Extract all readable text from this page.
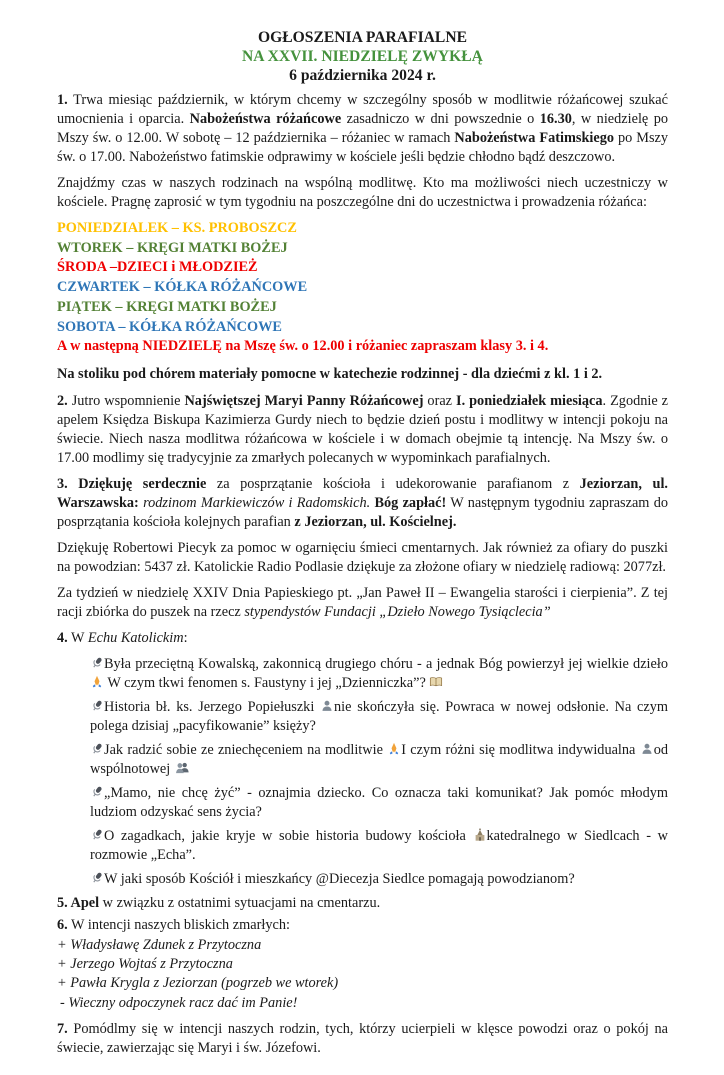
OGŁOSZENIA PARAFIALNE
NA XXVII. NIEDZIELĘ ZWYKŁĄ
6 października 2024 r.

1. Trwa miesiąc październik, w którym chcemy w szczególny sposób w modlitwie różańcowej szukać umocnienia i oparcia. Nabożeństwa różańcowe zasadniczo w dni powszednie o 16.30, w niedzielę po Mszy św. o 12.00. W sobotę – 12 października – różaniec w ramach Nabożeństwa Fatimskiego po Mszy św. o 17.00. Nabożeństwo fatimskie odprawimy w kościele jeśli będzie chłodno bądź deszczowo.

Znajdźmy czas w naszych rodzinach na wspólną modlitwę. Kto ma możliwości niech uczestniczy w kościele. Pragnę zaprosić w tym tygodniu na poszczególne dni do uczestnictwa i prowadzenia różańca:

PONIEDZIALEK – KS. PROBOSZCZ
WTOREK – KRĘGI MATKI BOŻEJ
ŚRODA –DZIECI i MŁODZIEŻ
CZWARTEK – KÓŁKA RÓŻAŃCOWE
PIĄTEK – KRĘGI MATKI BOŻEJ
SOBOTA – KÓŁKA RÓŻAŃCOWE
A w następną NIEDZIELĘ na Mszę św. o 12.00 i różaniec zapraszam klasy 3. i 4.
Na stoliku pod chórem materiały pomocne w katechezie rodzinnej - dla dziećmi z kl. 1 i 2.

2. Jutro wspomnienie Najświętszej Maryi Panny Różańcowej oraz I. poniedziałek miesiąca. Zgodnie z apelem Księdza Biskupa Kazimierza Gurdy niech to będzie dzień postu i modlitwy w intencji pokoju na świecie. Niech nasza modlitwa różańcowa w kościele i w domach obejmie tą intencję. Na Mszy św. o 17.00 modlimy się tradycyjnie za zmarłych polecanych w wypominkach parafialnych.

3. Dziękuję serdecznie za posprzątanie kościoła i udekorowanie parafianom z Jeziorzan, ul. Warszawska: rodzinom Markiewiczów i Radomskich. Bóg zapłać! W następnym tygodniu zapraszam do posprzątania kościoła kolejnych parafian z Jeziorzan, ul. Kościelnej.

Dziękuję Robertowi Piecyk za pomoc w ogarnięciu śmieci cmentarnych. Jak również za ofiary do puszki na powodzian: 5437 zł. Katolickie Radio Podlasie dziękuje za złożone ofiary w niedzielę radiową: 2077zł.

Za tydzień w niedzielę XXIV Dnia Papieskiego pt. „Jan Paweł II – Ewangelia starości i cierpienia”. Z tej racji zbiórka do puszek na rzecz stypendystów Fundacji „Dzieło Nowego Tysiąclecia”

4. W Echu Katolickim:

Była przeciętną Kowalską, zakonnicą drugiego chóru - a jednak Bóg powierzył jej wielkie dzieło  W czym tkwi fenomen s. Faustyny i jej „Dzienniczka”?

Historia bł. ks. Jerzego Popiełuszki nie skończyła się. Powraca w nowej odsłonie. Na czym polega dzisiaj „pacyfikowanie” księży?

Jak radzić sobie ze zniechęceniem na modlitwie I czym różni się modlitwa indywidualna od wspólnotowej

„Mamo, nie chcę żyć” - oznajmia dziecko. Co oznacza taki komunikat? Jak pomóc młodym ludziom odzyskać sens życia?

O zagadkach, jakie kryje w sobie historia budowy kościoła katedralnego w Siedlcach - w rozmowie „Echa”.

W jaki sposób Kościół i mieszkańcy @Diecezja Siedlce pomagają powodzianom?

5. Apel w związku z ostatnimi sytuacjami na cmentarzu.

6. W intencji naszych bliskich zmarłych:

+ Władysławę Zdunek z Przytoczna
+ Jerzego Wojtaś z Przytoczna
+ Pawła Krygla z Jeziorzan (pogrzeb we wtorek)
- Wieczny odpoczynek racz dać im Panie!

7. Pomódlmy się w intencji naszych rodzin, tych, którzy ucierpieli w klęsce powodzi oraz o pokój na świecie, zawierzając się Maryi i św. Józefowi.
